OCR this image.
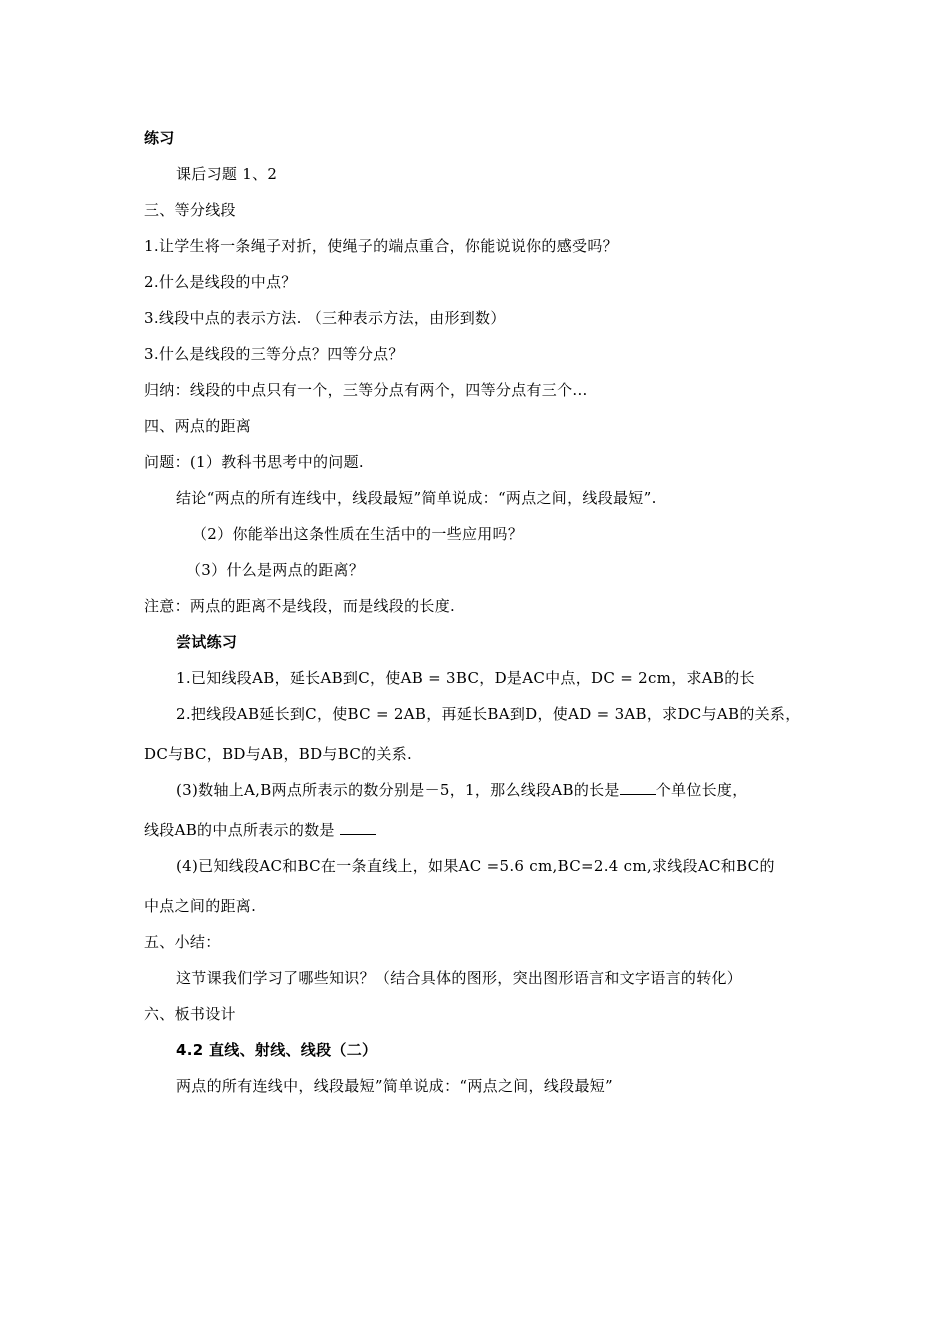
练习
课后习题 1、2
三、等分线段
1.让学生将一条绳子对折，使绳子的端点重合，你能说说你的感受吗？
2.什么是线段的中点？
3.线段中点的表示方法. （三种表示方法，由形到数）
3.什么是线段的三等分点？四等分点？
归纳：线段的中点只有一个，三等分点有两个，四等分点有三个...
四、两点的距离
问题：(1）教科书思考中的问题.
结论“两点的所有连线中，线段最短”简单说成：“两点之间，线段最短”.
（2）你能举出这条性质在生活中的一些应用吗？
（3）什么是两点的距离？
注意：两点的距离不是线段，而是线段的长度.
尝试练习
1.已知线段AB，延长AB到C，使AB = 3BC，D是AC中点，DC = 2cm，求AB的长
2.把线段AB延长到C，使BC = 2AB，再延长BA到D，使AD = 3AB，求DC与AB的关系，
DC与BC，BD与AB，BD与BC的关系.
(3)数轴上A,B两点所表示的数分别是－5，1，那么线段AB的长是 个单位长度，
线段AB的中点所表示的数是
(4)已知线段AC和BC在一条直线上，如果AC =5.6 cm,BC=2.4 cm,求线段AC和BC的
中点之间的距离.
五、小结：
这节课我们学习了哪些知识？（结合具体的图形，突出图形语言和文字语言的转化）
六、板书设计
4.2 直线、射线、线段（二）
两点的所有连线中，线段最短”简单说成：“两点之间，线段最短”
